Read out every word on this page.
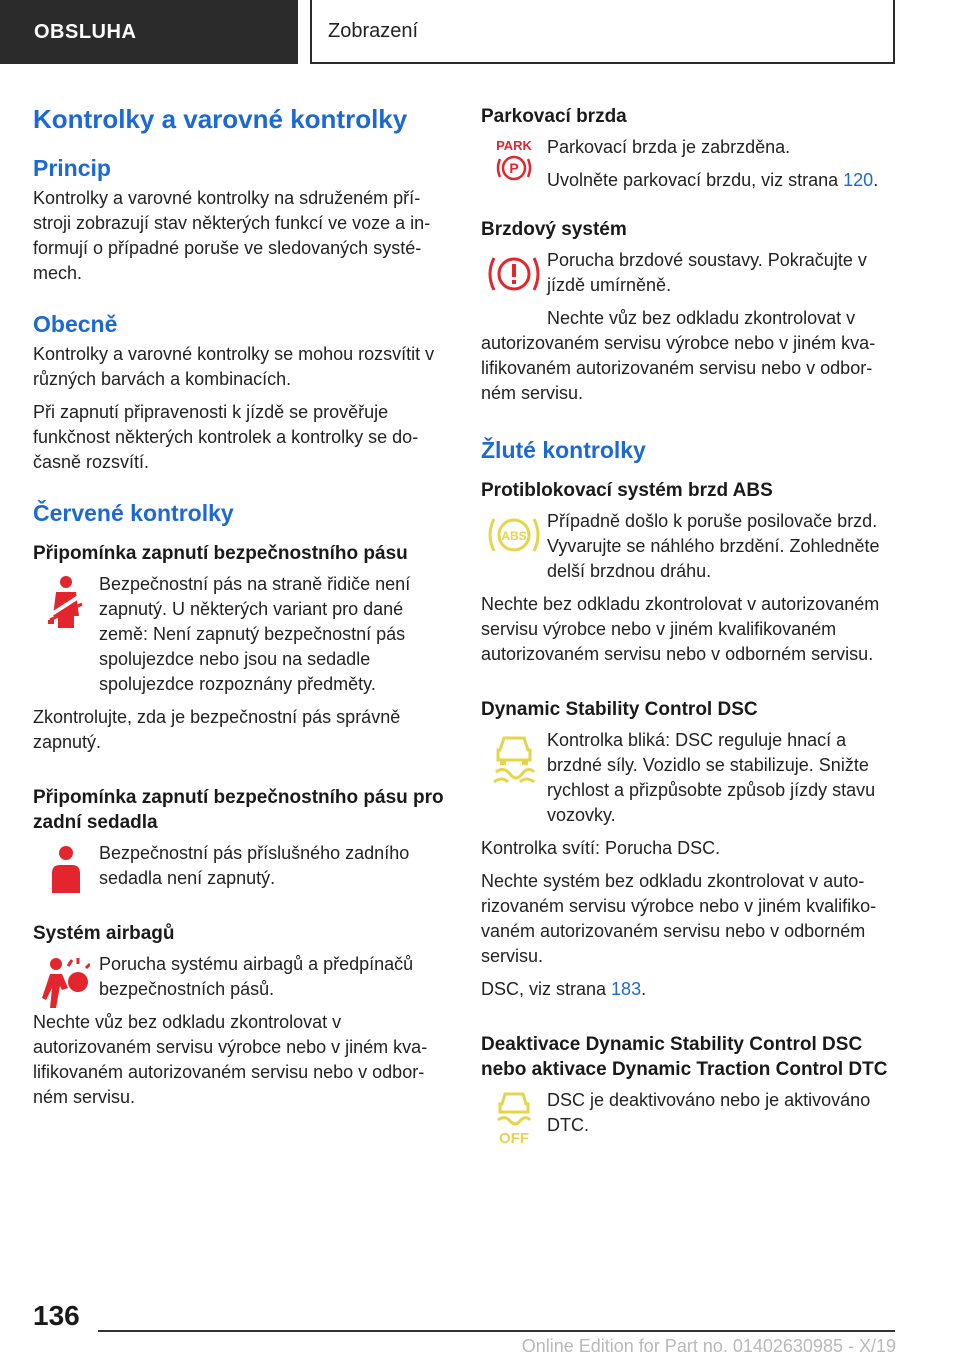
OBSLUHA	Zobrazení
Kontrolky a varovné kontrolky
Princip
Kontrolky a varovné kontrolky na sdruženém přístroji zobrazují stav některých funkcí ve voze a informují o případné poruše ve sledovaných systémech.
Obecně
Kontrolky a varovné kontrolky se mohou rozsvítit v různých barvách a kombinacích.
Při zapnutí připravenosti k jízdě se prověřuje funkčnost některých kontrolek a kontrolky se dočasně rozsvítí.
Červené kontrolky
Připomínka zapnutí bezpečnostního pásu
Bezpečnostní pás na straně řidiče není zapnutý. U některých variant pro dané země: Není zapnutý bezpečnostní pás spolujezdce nebo jsou na sedadle spolujezdce rozpoznány předměty.
Zkontrolujte, zda je bezpečnostní pás správně zapnutý.
Připomínka zapnutí bezpečnostního pásu pro zadní sedadla
Bezpečnostní pás příslušného zadního sedadla není zapnutý.
Systém airbagů
Porucha systému airbagů a předpínačů bezpečnostních pásů.
Nechte vůz bez odkladu zkontrolovat v autorizovaném servisu výrobce nebo v jiném kvalifikovaném autorizovaném servisu nebo v odborném servisu.
Parkovací brzda
PARK
P
Parkovací brzda je zabrzděna.
Uvolněte parkovací brzdu, viz strana 120.
Brzdový systém
Porucha brzdové soustavy. Pokračujte v jízdě umírněně.
Nechte vůz bez odkladu zkontrolovat v autorizovaném servisu výrobce nebo v jiném kvalifikovaném autorizovaném servisu nebo v odborném servisu.
Žluté kontrolky
Protiblokovací systém brzd ABS
ABS
Případně došlo k poruše posilovače brzd. Vyvarujte se náhlého brzdění. Zohledněte delší brzdnou dráhu.
Nechte bez odkladu zkontrolovat v autorizovaném servisu výrobce nebo v jiném kvalifikovaném autorizovaném servisu nebo v odborném servisu.
Dynamic Stability Control DSC
Kontrolka bliká: DSC reguluje hnací a brzdné síly. Vozidlo se stabilizuje. Snižte rychlost a přizpůsobte způsob jízdy stavu vozovky.
Kontrolka svítí: Porucha DSC.
Nechte systém bez odkladu zkontrolovat v autorizovaném servisu výrobce nebo v jiném kvalifikovaném autorizovaném servisu nebo v odborném servisu.
DSC, viz strana 183.
Deaktivace Dynamic Stability Control DSC nebo aktivace Dynamic Traction Control DTC
OFF
DSC je deaktivováno nebo je aktivováno DTC.
136
Online Edition for Part no. 01402630985 - X/19
